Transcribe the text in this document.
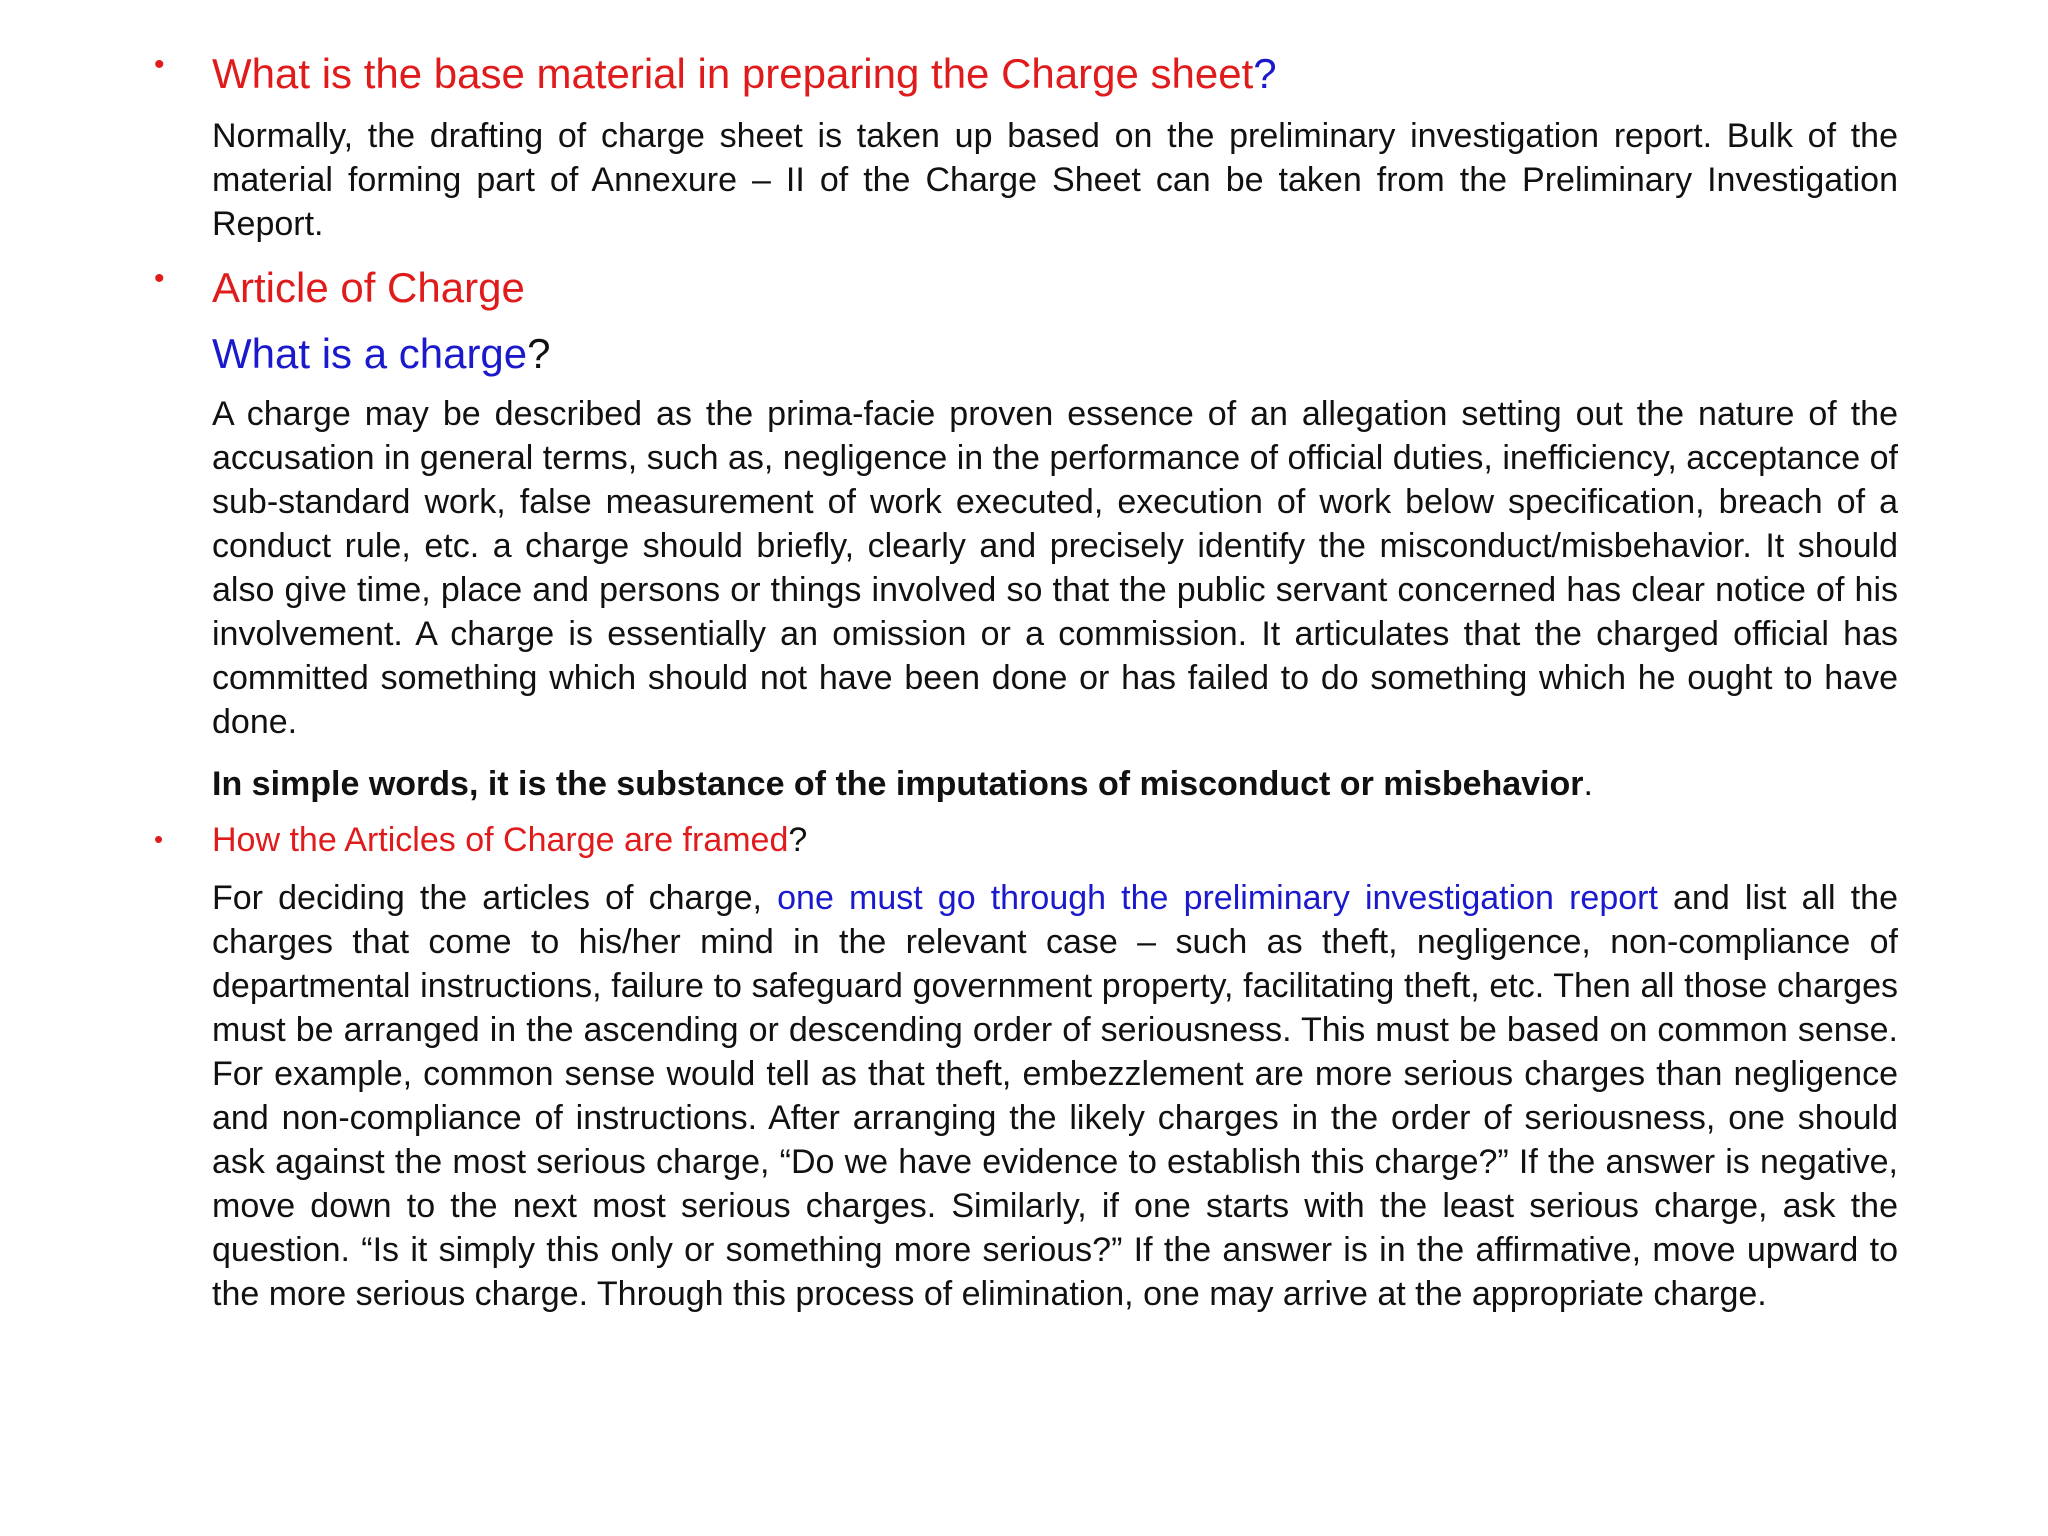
• What is the base material in preparing the Charge sheet?
Normally, the drafting of charge sheet is taken up based on the preliminary investigation report. Bulk of the material forming part of Annexure – II of the Charge Sheet can be taken from the Preliminary Investigation Report.
• Article of Charge
What is a charge?
A charge may be described as the prima-facie proven essence of an allegation setting out the nature of the accusation in general terms, such as, negligence in the performance of official duties, inefficiency, acceptance of sub-standard work, false measurement of work executed, execution of work below specification, breach of a conduct rule, etc. a charge should briefly, clearly and precisely identify the misconduct/misbehavior. It should also give time, place and persons or things involved so that the public servant concerned has clear notice of his involvement. A charge is essentially an omission or a commission. It articulates that the charged official has committed something which should not have been done or has failed to do something which he ought to have done.
In simple words, it is the substance of the imputations of misconduct or misbehavior.
• How the Articles of Charge are framed?
For deciding the articles of charge, one must go through the preliminary investigation report and list all the charges that come to his/her mind in the relevant case – such as theft, negligence, non-compliance of departmental instructions, failure to safeguard government property, facilitating theft, etc. Then all those charges must be arranged in the ascending or descending order of seriousness. This must be based on common sense. For example, common sense would tell as that theft, embezzlement are more serious charges than negligence and non-compliance of instructions. After arranging the likely charges in the order of seriousness, one should ask against the most serious charge, “Do we have evidence to establish this charge?” If the answer is negative, move down to the next most serious charges. Similarly, if one starts with the least serious charge, ask the question. “Is it simply this only or something more serious?” If the answer is in the affirmative, move upward to the more serious charge. Through this process of elimination, one may arrive at the appropriate charge.
